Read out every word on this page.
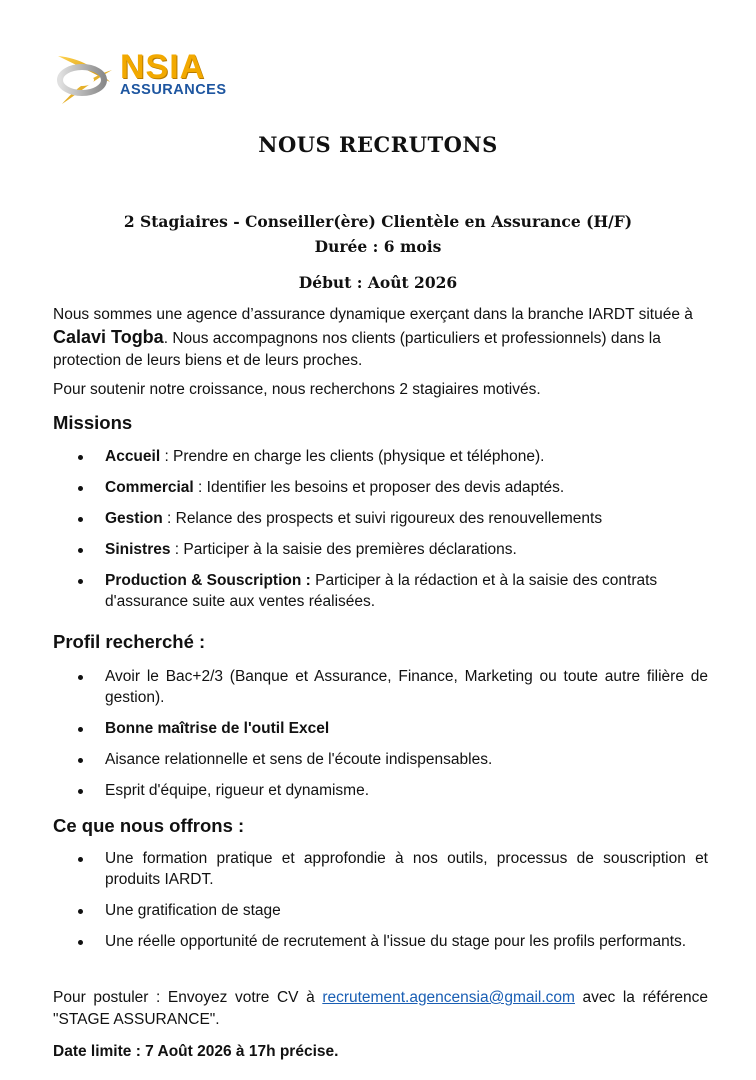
NSIA
ASSURANCES
NOUS RECRUTONS
2 Stagiaires - Conseiller(ère) Clientèle en Assurance (H/F)
Durée : 6 mois
Début : Août 2026

Nous sommes une agence d’assurance dynamique exerçant dans la branche IARDT située à Calavi Togba. Nous accompagnons nos clients (particuliers et professionnels) dans la protection de leurs biens et de leurs proches.

Pour soutenir notre croissance, nous recherchons 2 stagiaires motivés.

Missions
Accueil : Prendre en charge les clients (physique et téléphone).
Commercial : Identifier les besoins et proposer des devis adaptés.
Gestion : Relance des prospects et suivi rigoureux des renouvellements
Sinistres : Participer à la saisie des premières déclarations.
Production & Souscription : Participer à la rédaction et à la saisie des contrats d'assurance suite aux ventes réalisées.
Profil recherché :
Avoir le Bac+2/3 (Banque et Assurance, Finance, Marketing ou toute autre filière de gestion).
Bonne maîtrise de l'outil Excel
Aisance relationnelle et sens de l'écoute indispensables.
Esprit d'équipe, rigueur et dynamisme.
Ce que nous offrons :
Une formation pratique et approfondie à nos outils, processus de souscription et produits IARDT.
Une gratification de stage
Une réelle opportunité de recrutement à l'issue du stage pour les profils performants.

Pour postuler : Envoyez votre CV à recrutement.agencensia@gmail.com avec la référence "STAGE ASSURANCE".

Date limite : 7 Août 2026 à 17h précise.
